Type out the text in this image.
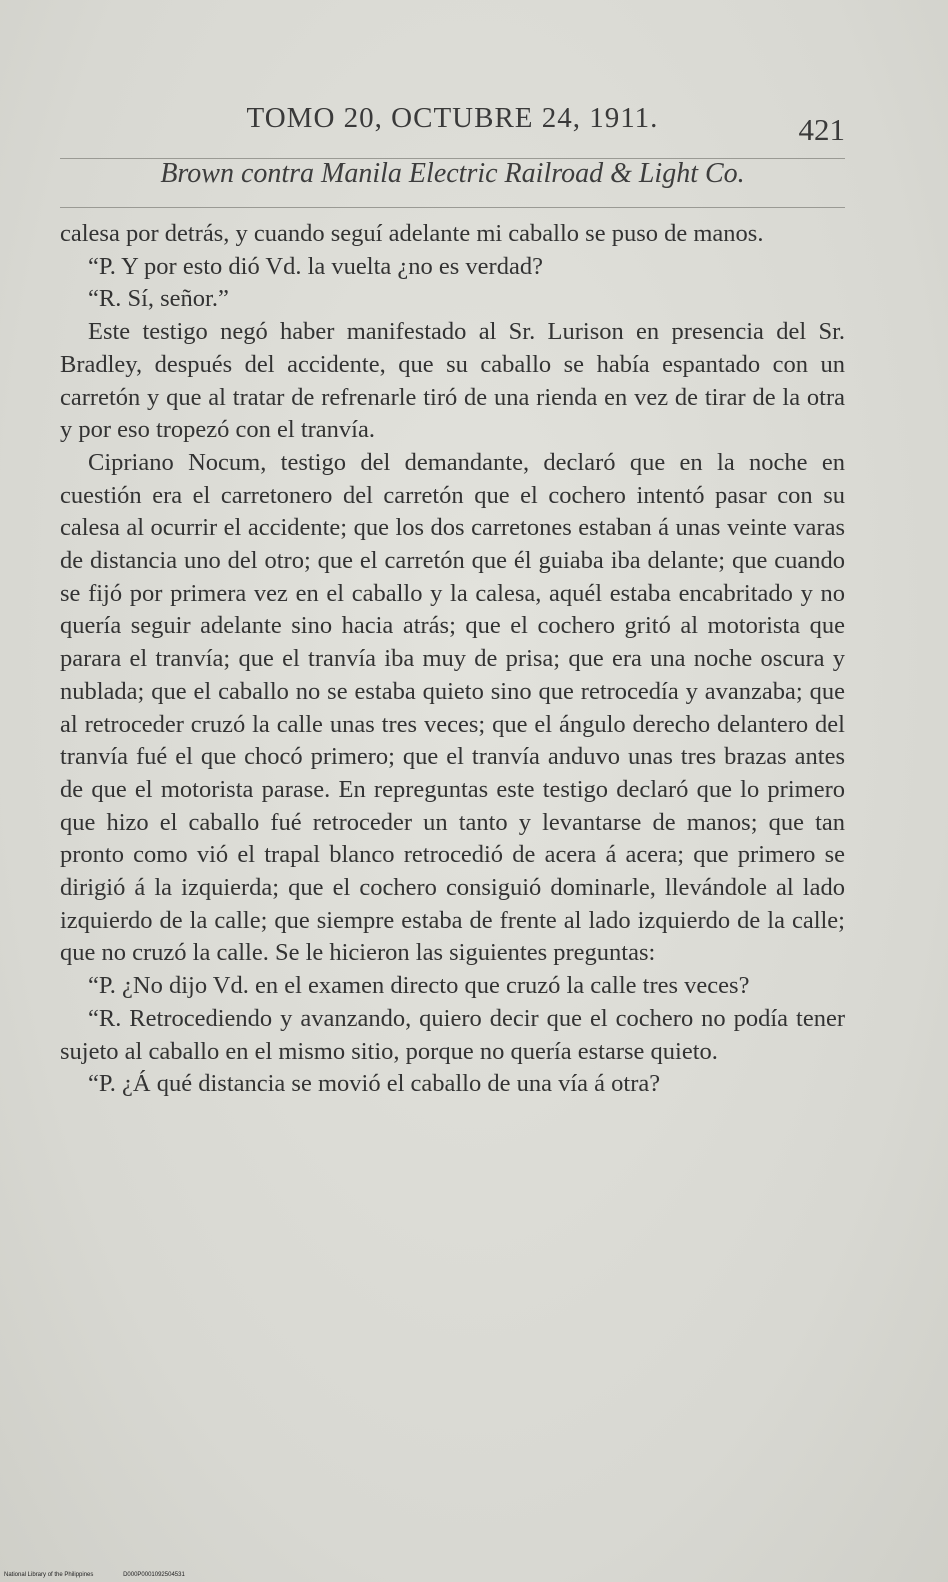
TOMO 20, OCTUBRE 24, 1911.	421
Brown contra Manila Electric Railroad & Light Co.

calesa por detrás, y cuando seguí adelante mi caballo se puso de manos.

“P. Y por esto dió Vd. la vuelta ¿no es verdad?

“R. Sí, señor.”

Este testigo negó haber manifestado al Sr. Lurison en presencia del Sr. Bradley, después del accidente, que su caballo se había espantado con un carretón y que al tratar de refrenarle tiró de una rienda en vez de tirar de la otra y por eso tropezó con el tranvía.

Cipriano Nocum, testigo del demandante, declaró que en la noche en cuestión era el carretonero del carretón que el cochero intentó pasar con su calesa al ocurrir el accidente; que los dos carretones estaban á unas veinte varas de distancia uno del otro; que el carretón que él guiaba iba delante; que cuando se fijó por primera vez en el caballo y la calesa, aquél estaba encabritado y no quería seguir adelante sino hacia atrás; que el cochero gritó al motorista que parara el tranvía; que el tranvía iba muy de prisa; que era una noche oscura y nublada; que el caballo no se estaba quieto sino que retrocedía y avanzaba; que al retroceder cruzó la calle unas tres veces; que el ángulo derecho delantero del tranvía fué el que chocó primero; que el tranvía anduvo unas tres brazas antes de que el motorista parase. En repreguntas este testigo declaró que lo primero que hizo el caballo fué retroceder un tanto y levantarse de manos; que tan pronto como vió el trapal blanco retrocedió de acera á acera; que primero se dirigió á la izquierda; que el cochero consiguió dominarle, llevándole al lado izquierdo de la calle; que siempre estaba de frente al lado izquierdo de la calle; que no cruzó la calle. Se le hicieron las siguientes preguntas:

“P. ¿No dijo Vd. en el examen directo que cruzó la calle tres veces?

“R. Retrocediendo y avanzando, quiero decir que el cochero no podía tener sujeto al caballo en el mismo sitio, porque no quería estarse quieto.

“P. ¿Á qué distancia se movió el caballo de una vía á otra?

National Library of the Philippines	D000P0001092504531
